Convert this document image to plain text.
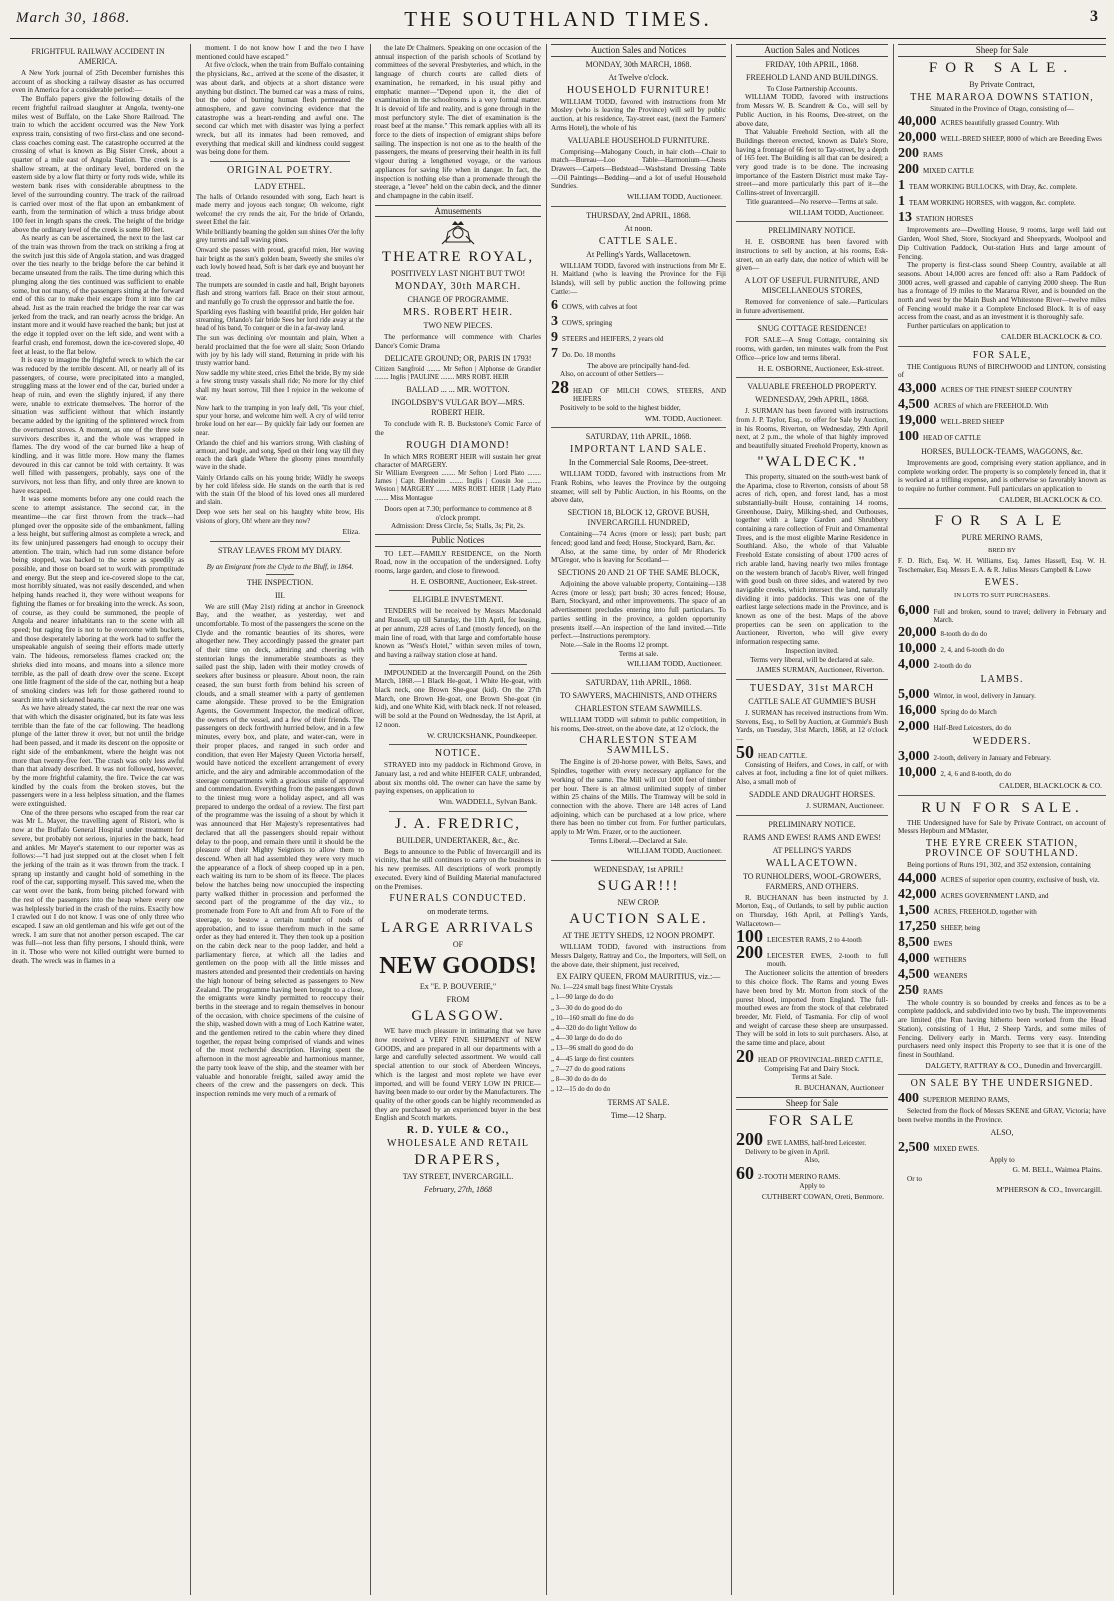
March 30, 1868.	THE SOUTHLAND TIMES.	3
FRIGHTFUL RAILWAY ACCIDENT IN AMERICA.

A New York journal of 25th December furnishes this account of as shocking a railway disaster as has occurred even in America for a considerable period:—

The Buffalo papers give the following details of the recent frightful railroad slaughter at Angola, twenty-one miles west of Buffalo, on the Lake Shore Railroad. The train to which the accident occurred was the New York express train, consisting of two first-class and one second-class coaches coming east. The catastrophe occurred at the crossing of what is known as Big Sister Creek, about a quarter of a mile east of Angola Station. The creek is a shallow stream, at the ordinary level, bordered on the eastern side by a low flat thirty or forty rods wide, while its western bank rises with considerable abruptness to the level of the surrounding country. The track of the railroad is carried over most of the flat upon an embankment of earth, from the termination of which a truss bridge about 100 feet in length spans the creek. The height of the bridge above the ordinary level of the creek is some 80 feet.

As nearly as can be ascertained, the next to the last car of the train was thrown from the track on striking a frog at the switch just this side of Angola station, and was dragged over the ties nearly to the bridge before the car behind it became unseated from the rails. The time during which this plunging along the ties continued was sufficient to enable some, but not many, of the passengers sitting at the forward end of this car to make their escape from it into the car ahead. Just as the train reached the bridge the rear car was jerked from the track, and ran nearly across the bridge. An instant more and it would have reached the bank; but just at the edge it toppled over on the left side, and went with a fearful crash, end foremost, down the ice-covered slope, 40 feet at least, to the flat below.

It is easy to imagine the frightful wreck to which the car was reduced by the terrible descent. All, or nearly all of its passengers, of course, were precipitated into a mangled, struggling mass at the lower end of the car, buried under a heap of ruin, and even the slightly injured, if any there were, unable to extricate themselves. The horror of the situation was sufficient without that which instantly became added by the igniting of the splintered wreck from the overturned stoves. A moment, as one of the three sole survivors describes it, and the whole was wrapped in flames. The dry wood of the car burned like a heap of kindling, and it was little more. How many the flames devoured in this car cannot be told with certainty. It was well filled with passengers, probably, says one of the survivors, not less than fifty, and only three are known to have escaped.

It was some moments before any one could reach the scene to attempt assistance. The second car, in the meantime—the car first thrown from the track—had plunged over the opposite side of the embankment, falling a less height, but suffering almost as complete a wreck, and its few uninjured passengers had enough to occupy their attention. The train, which had run some distance before being stopped, was backed to the scene as speedily as possible, and those on board set to work with promptitude and energy. But the steep and ice-covered slope to the car, most horribly situated, was not easily descended, and when helping hands reached it, they were without weapons for fighting the flames or for breaking into the wreck. As soon, of course, as they could be summoned, the people of Angola and nearer inhabitants ran to the scene with all speed; but raging fire is not to be overcome with buckets, and those desperately laboring at the work had to suffer the unspeakable anguish of seeing their efforts made utterly vain. The hideous, remorseless flames cracked on; the shrieks died into moans, and moans into a silence more terrible, as the pall of death drew over the scene. Except one little fragment of the side of the car, nothing but a heap of smoking cinders was left for those gathered round to search into with sickened hearts.

As we have already stated, the car next the rear one was that with which the disaster originated, but its fate was less terrible than the fate of the car following. The headlong plunge of the latter threw it over, but not until the bridge had been passed, and it made its descent on the opposite or right side of the embankment, where the height was not more than twenty-five feet. The crash was only less awful than that already described. It was not followed, however, by the more frightful calamity, the fire. Twice the car was kindled by the coals from the broken stoves, but the passengers were in a less helpless situation, and the flames were extinguished.

One of the three persons who escaped from the rear car was Mr L. Mayer, the travelling agent of Ristori, who is now at the Buffalo General Hospital under treatment for severe, but probably not serious, injuries in the back, head and ankles. Mr Mayer's statement to our reporter was as follows:—"I had just stepped out at the closet when I felt the jerking of the train as it was thrown from the track. I sprang up instantly and caught hold of something in the roof of the car, supporting myself. This saved me, when the car went over the bank, from being pitched forward with the rest of the passengers into the heap where every one was helplessly buried in the crash of the ruins. Exactly how I crawled out I do not know. I was one of only three who escaped. I saw an old gentleman and his wife get out of the wreck. I am sure that not another person escaped. The car was full—not less than fifty persons, I should think, were in it. Those who were not killed outright were burned to death. The wreck was in flames in a

moment. I do not know how I and the two I have mentioned could have escaped."

At five o'clock, when the train from Buffalo containing the physicians, &c., arrived at the scene of the disaster, it was about dark, and objects at a short distance were anything but distinct. The burned car was a mass of ruins, but the odor of burning human flesh permeated the atmosphere, and gave convincing evidence that the catastrophe was a heart-rending and awful one. The second car which met with disaster was lying a perfect wreck, but all its inmates had been removed, and everything that medical skill and kindness could suggest was being done for them.

ORIGINAL POETRY.
LADY ETHEL.

The halls of Orlando resounded with song, Each heart is made merry and joyous each tongue; Oh welcome, right welcome! the cry rends the air, For the bride of Orlando, sweet Ethel the fair.

While brilliantly beaming the golden sun shines O'er the lofty grey turrets and tall waving pines.

Onward she passes with proud, graceful mien, Her waving hair bright as the sun's golden beam, Sweetly she smiles o'er each lowly bowed head, Soft is her dark eye and buoyant her tread.

The trumpets are sounded in castle and hall, Bright bayonets flash and strong warriors fall. Brace on their stout armour, and manfully go To crush the oppressor and battle the foe.

Sparkling eyes flashing with beautiful pride, Her golden hair streaming, Orlando's fair bride Sees her lord ride away at the head of his band, To conquer or die in a far-away land.

The sun was declining o'er mountain and plain, When a herald proclaimed that the foe were all slain; Soon Orlando with joy by his lady will stand, Returning in pride with his trusty warrior band.

Now saddle my white steed, cries Ethel the bride, By my side a few strong trusty vassals shall ride; No more for thy chief shall my heart sorrow, Till thee I rejoice in the welcome of war.

Now hark to the tramping in yon leafy dell, 'Tis your chief, spur your horse, and welcome him well. A cry of wild terror broke loud on her ear— By quickly fair lady our foemen are near.

Orlando the chief and his warriors strong, With clashing of armour, and bugle, and song, Sped on their long way till they reach the dark glade Where the gloomy pines mournfully wave in the shade.

Vainly Orlando calls on his young bride; Wildly he sweeps by her cold lifeless side. He stands on the earth that is red with the stain Of the blood of his loved ones all murdered and slain.

Deep woe sets her seal on his haughty white brow, His visions of glory, Oh! where are they now?

Eliza.
STRAY LEAVES FROM MY DIARY.
By an Emigrant from the Clyde to the Bluff, in 1864.
THE INSPECTION.
III.

We are still (May 21st) riding at anchor in Greenock Bay, and the weather, as yesterday, wet and uncomfortable. To most of the passengers the scene on the Clyde and the romantic beauties of its shores, were altogether new. They accordingly passed the greater part of their time on deck, admiring and cheering with stentorian lungs the innumerable steamboats as they sailed past the ship, laden with their motley crowds of seekers after business or pleasure. About noon, the rain ceased, the sun burst forth from behind his screen of clouds, and a small steamer with a party of gentlemen came alongside. These proved to be the Emigration Agents, the Government Inspector, the medical officer, the owners of the vessel, and a few of their friends. The passengers on deck forthwith hurried below, and in a few minutes, every box, and plate, and water-can, were in their proper places, and ranged in such order and condition, that even Her Majesty Queen Victoria herself, would have noticed the excellent arrangement of every article, and the airy and admirable accommodation of the steerage compartments with a gracious smile of approval and commendation. Everything from the passengers down to the tiniest mug wore a holiday aspect, and all was prepared to undergo the ordeal of a review. The first part of the programme was the issuing of a shout by which it was announced that Her Majesty's representatives had declared that all the passengers should repair without delay to the poop, and remain there until it should be the pleasure of their Mighty Seigniors to allow them to descend. When all had assembled they were very much the appearance of a flock of sheep cooped up in a pen, each waiting its turn to be shorn of its fleece. The places below the hatches being now unoccupied the inspecting party walked thither in procession and performed the second part of the programme of the day viz., to promenade from Fore to Aft and from Aft to Fore of the steerage, to bestow a certain number of nods of approbation, and to issue therefrom much in the same order as they had entered it. They then took up a position on the cabin deck near to the poop ladder, and held a parliamentary fierce, at which all the ladies and gentlemen on the poop with all the little misses and masters attended and presented their credentials on having the high honour of being selected as passengers to New Zealand. The programme having been brought to a close, the emigrants were kindly permitted to reoccupy their berths in the steerage and to regain themselves in honour of the occasion, with choice specimens of the cuisine of the ship, washed down with a mug of Loch Katrine water, and the gentlemen retired to the cabin where they dined together, the repast being comprised of viands and wines of the most recherché description. Having spent the afternoon in the most agreeable and harmonious manner, the party took leave of the ship, and the steamer with her valuable and honorable freight, sailed away amid the cheers of the crew and the passengers on deck. This inspection reminds me very much of a remark of

the late Dr Chalmers. Speaking on one occasion of the annual inspection of the parish schools of Scotland by committees of the several Presbyteries, and which, in the language of church courts are called diets of examination, he remarked, in his usual pithy and emphatic manner—"Depend upon it, the diet of examination in the schoolrooms is a very formal matter. It is devoid of life and reality, and is gone through in the most perfunctory style. The diet of examination is the roast beef at the manse." This remark applies with all its force to the diets of inspection of emigrant ships before sailing. The inspection is not one as to the health of the passengers, the means of preserving their health in its full vigour during a lengthened voyage, or the various appliances for saving life when in danger. In fact, the inspection is nothing else than a promenade through the steerage, a "levee" held on the cabin deck, and the dinner and champagne in the cabin itself.

Amusements
THEATRE ROYAL,
POSITIVELY LAST NIGHT BUT TWO!
MONDAY, 30th MARCH.
CHANGE OF PROGRAMME.
MRS. ROBERT HEIR.
TWO NEW PIECES.

The performance will commence with Charles Dance's Comic Drama

DELICATE GROUND; OR, PARIS IN 1793!

Citizen Sangfroid ........ Mr Sefton | Alphonse de Grandier ........ Inglis | PAULINE ........ MRS ROBT. HEIR

BALLAD ... ... MR. WOTTON.
INGOLDSBY'S VULGAR BOY—MRS. ROBERT HEIR.

To conclude with R. B. Buckstone's Comic Farce of the

ROUGH DIAMOND!

In which MRS ROBERT HEIR will sustain her great character of MARGERY.

Sir William Evergreen ........ Mr Sefton | Lord Plato ........ James | Capt. Blenheim ........ Inglis | Cousin Joe ........ Weston | MARGERY ........ MRS ROBT. HEIR | Lady Plato ........ Miss Montague

Doors open at 7.30; performance to commence at 8 o'clock prompt.

Admission: Dress Circle, 5s; Stalls, 3s; Pit, 2s.

Public Notices

TO LET.—FAMILY RESIDENCE, on the North Road, now in the occupation of the undersigned. Lofty rooms, large garden, and close to firewood.

H. E. OSBORNE, Auctioneer, Esk-street.
ELIGIBLE INVESTMENT.

TENDERS will be received by Messrs Macdonald and Russell, up till Saturday, the 11th April, for leasing, at per annum, 228 acres of Land (mostly fenced), on the main line of road, with that large and comfortable house known as "West's Hotel," within seven miles of town, and having a railway station close at hand.

IMPOUNDED at the Invercargill Pound, on the 26th March, 1868.—1 Black He-goat, 1 White He-goat, with black neck, one Brown She-goat (kid). On the 27th March, one Brown He-goat, one Brown She-goat (in kid), and one White Kid, with black neck. If not released, will be sold at the Pound on Wednesday, the 1st April, at 12 noon.

W. CRUICKSHANK, Poundkeeper.
NOTICE.

STRAYED into my paddock in Richmond Grove, in January last, a red and white HEIFER CALF, unbranded, about six months old. The owner can have the same by paying expenses, on application to

Wm. WADDELL, Sylvan Bank.
J. A. FREDRIC,
BUILDER, UNDERTAKER, &c., &c.

Begs to announce to the Public of Invercargill and its vicinity, that he still continues to carry on the business in his new premises. All descriptions of work promptly executed. Every kind of Building Material manufactured on the Premises.

FUNERALS CONDUCTED.
on moderate terms.
LARGE ARRIVALS
OF
NEW GOODS!
Ex "E. P. BOUVERIE,"
FROM
GLASGOW.

WE have much pleasure in intimating that we have now received a VERY FINE SHIPMENT of NEW GOODS, and are prepared in all our departments with a large and carefully selected assortment. We would call special attention to our stock of Aberdeen Winceys, which is the largest and most replete we have ever imported, and will be found VERY LOW IN PRICE—having been made to our order by the Manufacturers. The quality of the other goods can be highly recommended as they are purchased by an experienced buyer in the best English and Scotch markets.

R. D. YULE & CO.,
WHOLESALE AND RETAIL
DRAPERS,
TAY STREET, INVERCARGILL.
February, 27th, 1868
Auction Sales and Notices
MONDAY, 30th MARCH, 1868.
At Twelve o'clock.
HOUSEHOLD FURNITURE!

WILLIAM TODD, favored with instructions from Mr Mosley (who is leaving the Province) will sell by public auction, at his residence, Tay-street east, (next the Farmers' Arms Hotel), the whole of his

VALUABLE HOUSEHOLD FURNITURE.

Comprising—Mahogany Couch, in hair cloth—Chair to match—Bureau—Loo Table—Harmonium—Chests Drawers—Carpets—Bedstead—Washstand Dressing Table—Oil Paintings—Bedding—and a lot of useful Household Sundries.

WILLIAM TODD, Auctioneer.
THURSDAY, 2nd APRIL, 1868.
At noon.
CATTLE SALE.
At Pelling's Yards, Wallacetown.

WILLIAM TODD, favored with instructions from Mr E. H. Maitland (who is leaving the Province for the Fiji Islands), will sell by public auction the following prime Cattle:—

6 COWS, with calves at foot
3 COWS, springing
9 STEERS and HEIFERS, 2 years old
7 Do. Do. 18 months

The above are principally hand-fed.

Also, on account of other Settlers—

28 HEAD OF MILCH COWS, STEERS, AND HEIFERS

Positively to be sold to the highest bidder,

WM. TODD, Auctioneer.
SATURDAY, 11th APRIL, 1868.
IMPORTANT LAND SALE.
In the Commercial Sale Rooms, Dee-street.

WILLIAM TODD, favored with instructions from Mr Frank Robins, who leaves the Province by the outgoing steamer, will sell by Public Auction, in his Rooms, on the above date,

SECTION 18, BLOCK 12, GROVE BUSH, INVERCARGILL HUNDRED,

Containing—74 Acres (more or less); part bush; part fenced; good land and feed; House, Stockyard, Barn, &c.

Also, at the same time, by order of Mr Rhoderick M'Gregor, who is leaving for Scotland—

SECTIONS 20 AND 21 OF THE SAME BLOCK,

Adjoining the above valuable property, Containing—138 Acres (more or less); part bush; 30 acres fenced; House, Barn, Stockyard, and other improvements. The space of an advertisement precludes entering into full particulars. To parties settling in the province, a golden opportunity presents itself.—An inspection of the land invited.—Title perfect.—Instructions peremptory.

Note.—Sale in the Rooms 12 prompt.

Terms at sale.

WILLIAM TODD, Auctioneer.
SATURDAY, 11th APRIL, 1868.
TO SAWYERS, MACHINISTS, AND OTHERS
CHARLESTON STEAM SAWMILLS.

WILLIAM TODD will submit to public competition, in his rooms, Dee-street, on the above date, at 12 o'clock, the

CHARLESTON STEAM SAWMILLS.

The Engine is of 20-horse power, with Belts, Saws, and Spindles, together with every necessary appliance for the working of the same. The Mill will cut 1000 feet of timber per hour. There is an almost unlimited supply of timber within 25 chains of the Mills. The Tramway will be sold in connection with the above. There are 148 acres of Land adjoining, which can be purchased at a low price, where there has been no timber cut from. For further particulars, apply to Mr Wm. Frazer, or to the auctioneer.

Terms Liberal.—Declared at Sale.

WILLIAM TODD, Auctioneer.
WEDNESDAY, 1st APRIL!
SUGAR!!!
NEW CROP.
AUCTION SALE.
AT THE JETTY SHEDS, 12 NOON PROMPT.

WILLIAM TODD, favored with instructions from Messrs Dalgety, Rattray and Co., the Importers, will Sell, on the above date, their shipment, just received,

EX FAIRY QUEEN, FROM MAURITIUS, viz.:—
No. 1—224 small bags finest White Crystals
„ 1—90 large do do do
„ 3—30 do do good do do
„ 10—160 small do fine do do
„ 4—320 do do light Yellow do
„ 4—30 large do do do do
„ 13—96 small do good do do
„ 4—45 large do first counters
„ 7—27 do do good rations
„ 8—30 do do do do
„ 12—15 do do do do
TERMS AT SALE.
Time—12 Sharp.
Auction Sales and Notices
FRIDAY, 10th APRIL, 1868.
FREEHOLD LAND AND BUILDINGS.

To Close Partnership Accounts.

WILLIAM TODD, favored with instructions from Messrs W. B. Scandrett & Co., will sell by Public Auction, in his Rooms, Dee-street, on the above date,

That Valuable Freehold Section, with all the Buildings thereon erected, known as Dale's Store, having a frontage of 66 feet to Tay-street, by a depth of 165 feet. The Building is all that can be desired; a very good trade is to be done. The increasing importance of the Eastern District must make Tay-street—and more particularly this part of it—the Collins-street of Invercargill.

Title guaranteed—No reserve—Terms at sale.

WILLIAM TODD, Auctioneer.
PRELIMINARY NOTICE.

H. E. OSBORNE has been favored with instructions to sell by auction, at his rooms, Esk-street, on an early date, due notice of which will be given—

A LOT OF USEFUL FURNITURE, AND MISCELLANEOUS STORES,

Removed for convenience of sale.—Particulars in future advertisement.

SNUG COTTAGE RESIDENCE!

FOR SALE—A Snug Cottage, containing six rooms, with garden, ten minutes walk from the Post Office—price low and terms liberal.

H. E. OSBORNE, Auctioneer, Esk-street.
VALUABLE FREEHOLD PROPERTY.
WEDNESDAY, 29th APRIL, 1868.

J. SURMAN has been favored with instructions from J. P. Taylor, Esq., to offer for Sale by Auction, in his Rooms, Riverton, on Wednesday, 29th April next, at 2 p.m., the whole of that highly improved and beautifully situated Freehold Property, known as

"WALDECK."

This property, situated on the south-west bank of the Aparima, close to Riverton, consists of about 58 acres of rich, open, and forest land, has a most substantially-built House, containing 14 rooms, Greenhouse, Dairy, Milking-shed, and Outhouses, together with a large Garden and Shrubbery containing a rare collection of Fruit and Ornamental Trees, and is the most eligible Marine Residence in Southland. Also, the whole of that Valuable Freehold Estate consisting of about 1700 acres of rich arable land, having nearly two miles frontage on the western branch of Jacob's River, well fringed with good bush on three sides, and watered by two navigable creeks, which intersect the land, naturally dividing it into paddocks. This was one of the earliest large selections made in the Province, and is known as one of the best. Maps of the above properties can be seen on application to the Auctioneer, Riverton, who will give every information respecting same.

Inspection invited.

Terms very liberal, will be declared at sale.

JAMES SURMAN, Auctioneer, Riverton.
TUESDAY, 31st MARCH
CATTLE SALE AT GUMMIE'S BUSH

J. SURMAN has received instructions from Wm. Stevens, Esq., to Sell by Auction, at Gummie's Bush Yards, on Tuesday, 31st March, 1868, at 12 o'clock—

50 HEAD CATTLE.

Consisting of Heifers, and Cows, in calf, or with calves at foot, including a fine lot of quiet milkers. Also, a small mob of

SADDLE AND DRAUGHT HORSES.
J. SURMAN, Auctioneer.
PRELIMINARY NOTICE.
RAMS AND EWES! RAMS AND EWES!
AT PELLING'S YARDS
WALLACETOWN.
TO RUNHOLDERS, WOOL-GROWERS, FARMERS, AND OTHERS.

R. BUCHANAN has been instructed by J. Morton, Esq., of Outlands, to sell by public auction on Thursday, 16th April, at Pelling's Yards, Wallacetown—

100 LEICESTER RAMS, 2 to 4-tooth
200 LEICESTER EWES, 2-tooth to full mouth.

The Auctioneer solicits the attention of breeders to this choice flock. The Rams and young Ewes have been bred by Mr. Morton from stock of the purest blood, imported from England. The full-mouthed ewes are from the stock of that celebrated breeder, Mr. Field, of Tasmania. For clip of wool and weight of carcase these sheep are unsurpassed. They will be sold in lots to suit purchasers. Also, at the same time and place, about

20 HEAD OF PROVINCIAL-BRED CATTLE,

Comprising Fat and Dairy Stock.

Terms at Sale.

R. BUCHANAN, Auctioneer
Sheep for Sale
FOR SALE
200 EWE LAMBS, half-bred Leicester.

Delivery to be given in April.

Also,

60 2-TOOTH MERINO RAMS.

Apply to

CUTHBERT COWAN, Oreti, Benmore.
Sheep for Sale
FOR SALE.
By Private Contract,
THE MARAROA DOWNS STATION,

Situated in the Province of Otago, consisting of—

40,000 ACRES beautifully grassed Country. With
20,000 WELL-BRED SHEEP, 8000 of which are Breeding Ewes
200 RAMS
200 MIXED CATTLE
1 TEAM WORKING BULLOCKS, with Dray, &c. complete.
1 TEAM WORKING HORSES, with waggon, &c. complete.
13 STATION HORSES

Improvements are—Dwelling House, 9 rooms, large well laid out Garden, Wool Shed, Store, Stockyard and Sheepyards, Woolpool and Dip Cultivation Paddock, Out-station Huts and large amount of Fencing.

The property is first-class sound Sheep Country, available at all seasons. About 14,000 acres are fenced off: also a Ram Paddock of 3000 acres, well grassed and capable of carrying 2000 sheep. The Run has a frontage of 19 miles to the Mararoa River, and is bounded on the north and west by the Main Bush and Whitestone River—twelve miles of Fencing would make it a Complete Enclosed Block. It is of easy access from the coast, and as an investment it is thoroughly safe.

Further particulars on application to

CALDER BLACKLOCK & CO.
FOR SALE,

THE Contiguous RUNS of BIRCHWOOD and LINTON, consisting of

43,000 ACRES OF THE FINEST SHEEP COUNTRY
4,500 ACRES of which are FREEHOLD. With
19,000 WELL-BRED SHEEP
100 HEAD OF CATTLE
HORSES, BULLOCK-TEAMS, WAGGONS, &c.

Improvements are good, comprising every station appliance, and in complete working order. The property is so completely fenced in, that it is worked at a trifling expense, and is otherwise so favorably known as to require no further comment. Full particulars on application to

CALDER, BLACKLOCK & CO.
FOR SALE
PURE MERINO RAMS,
BRED BY

F. D. Rich, Esq. W. H. Williams, Esq. James Hassell, Esq. W. H. Teschemaker, Esq. Messrs E. A. & R. Julius Messrs Campbell & Lowe

EWES.
IN LOTS TO SUIT PURCHASERS.
6,000 Full and broken, sound to travel; delivery in February and March.
20,000 8-tooth do do do
10,000 2, 4, and 6-tooth do do
4,000 2-tooth do do
LAMBS.
5,000 Wintor, in wool, delivery in January.
16,000 Spring do do March
2,000 Half-Bred Leicesters, do do
WEDDERS.
3,000 2-tooth, delivery in January and February.
10,000 2, 4, 6 and 8-tooth, do do
CALDER, BLACKLOCK & CO.
RUN FOR SALE.

THE Undersigned have for Sale by Private Contract, on account of Messrs Hepburn and M'Master,

THE EYRE CREEK STATION, PROVINCE OF SOUTHLAND.

Being portions of Runs 191, 302, and 352 extension, containing

44,000 ACRES of superior open country, exclusive of bush, viz.
42,000 ACRES GOVERNMENT LAND, and
1,500 ACRES, FREEHOLD, together with
17,250 SHEEP, being
8,500 EWES
4,000 WETHERS
4,500 WEANERS
250 RAMS

The whole country is so bounded by creeks and fences as to be a complete paddock, and subdivided into two by bush. The improvements are limited (the Run having hitherto been worked from the Head Station), consisting of 1 Hut, 2 Sheep Yards, and some miles of Fencing. Delivery early in March. Terms very easy. Intending purchasers need only inspect this Property to see that it is one of the finest in Southland.

DALGETY, RATTRAY & CO., Dunedin and Invercargill.
ON SALE BY THE UNDERSIGNED.
400 SUPERIOR MERINO RAMS,

Selected from the flock of Messrs SKENE and GRAY, Victoria; have been twelve months in the Province.

ALSO,
2,500 MIXED EWES.

Apply to

G. M. BELL, Waimea Plains.

Or to

M'PHERSON & CO., Invercargill.
